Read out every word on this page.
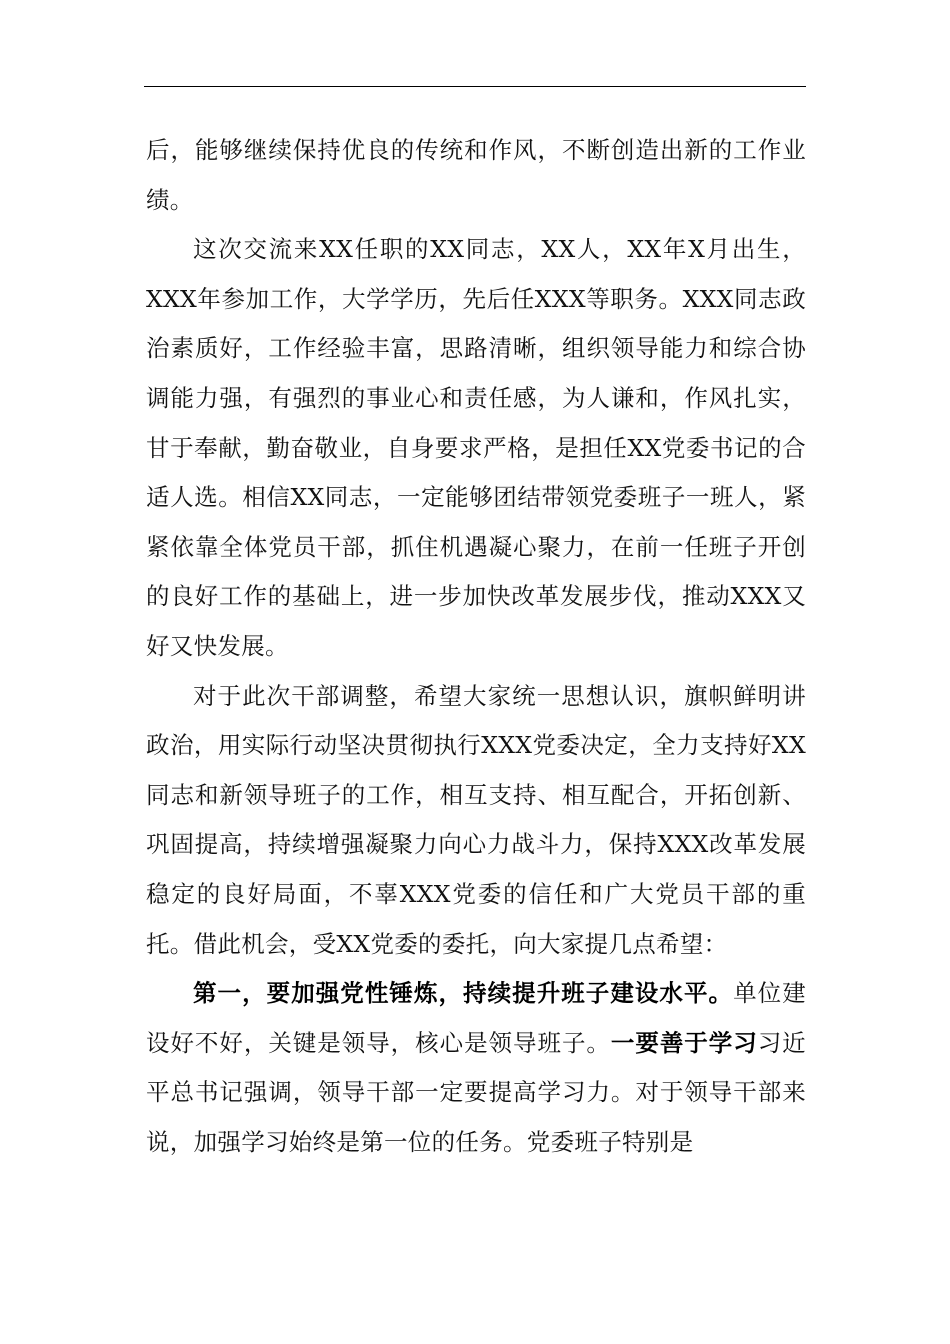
后，能够继续保持优良的传统和作风，不断创造出新的工作业绩。

这次交流来XX任职的XX同志，XX人，XX年X月出生，XXX年参加工作，大学学历，先后任XXX等职务。XXX同志政治素质好，工作经验丰富，思路清晰，组织领导能力和综合协调能力强，有强烈的事业心和责任感，为人谦和，作风扎实，甘于奉献，勤奋敬业，自身要求严格，是担任XX党委书记的合适人选。相信XX同志，一定能够团结带领党委班子一班人，紧紧依靠全体党员干部，抓住机遇凝心聚力，在前一任班子开创的良好工作的基础上，进一步加快改革发展步伐，推动XXX又好又快发展。

对于此次干部调整，希望大家统一思想认识，旗帜鲜明讲政治，用实际行动坚决贯彻执行XXX党委决定，全力支持好XX同志和新领导班子的工作，相互支持、相互配合，开拓创新、巩固提高，持续增强凝聚力向心力战斗力，保持XXX改革发展稳定的良好局面，不辜XXX党委的信任和广大党员干部的重托。借此机会，受XX党委的委托，向大家提几点希望：

第一，要加强党性锤炼，持续提升班子建设水平。单位建设好不好，关键是领导，核心是领导班子。一要善于学习习近平总书记强调，领导干部一定要提高学习力。对于领导干部来说，加强学习始终是第一位的任务。党委班子特别是
